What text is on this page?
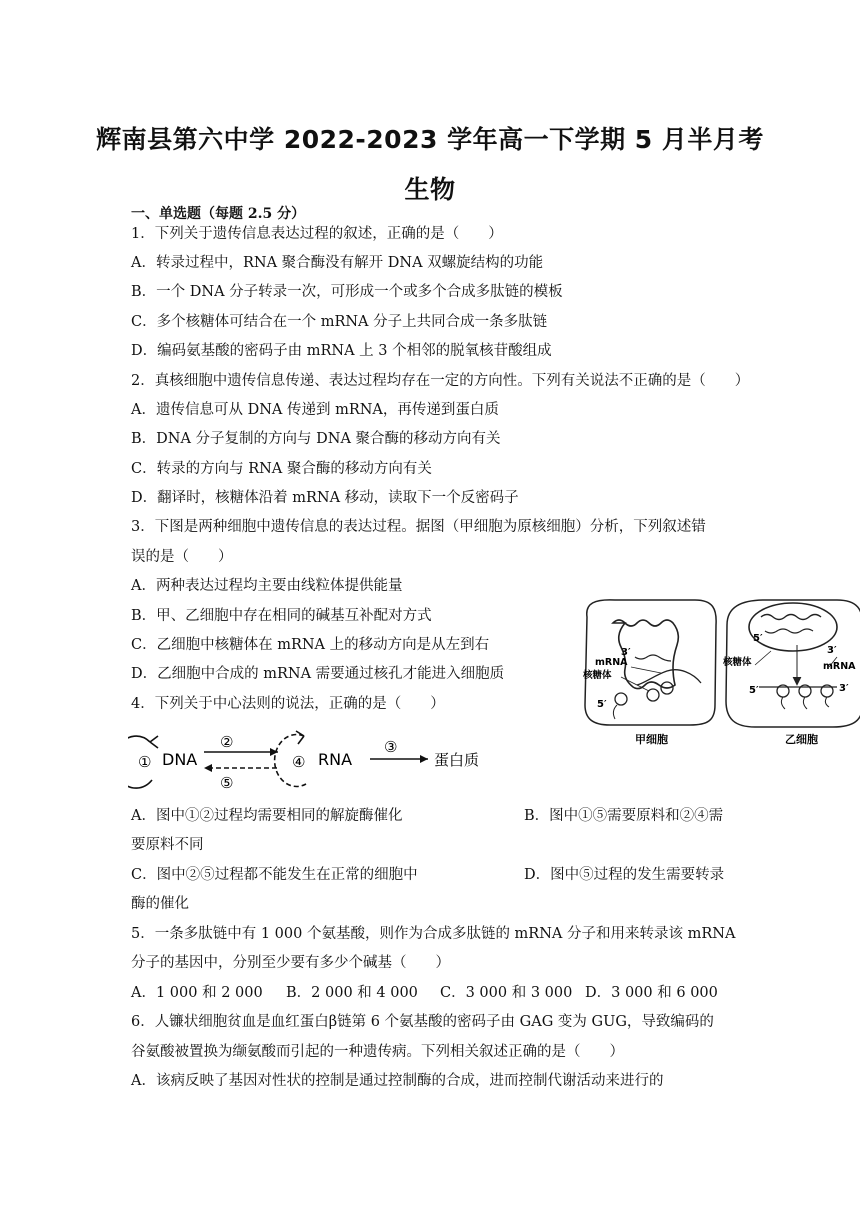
辉南县第六中学 2022-2023 学年高一下学期 5 月半月考
生物
一、单选题（每题 2.5 分）
1．下列关于遗传信息表达过程的叙述，正确的是（　　）
A．转录过程中，RNA 聚合酶没有解开 DNA 双螺旋结构的功能
B．一个 DNA 分子转录一次，可形成一个或多个合成多肽链的模板
C．多个核糖体可结合在一个 mRNA 分子上共同合成一条多肽链
D．编码氨基酸的密码子由 mRNA 上 3 个相邻的脱氧核苷酸组成
2．真核细胞中遗传信息传递、表达过程均存在一定的方向性。下列有关说法不正确的是（　　）
A．遗传信息可从 DNA 传递到 mRNA，再传递到蛋白质
B．DNA 分子复制的方向与 DNA 聚合酶的移动方向有关
C．转录的方向与 RNA 聚合酶的移动方向有关
D．翻译时，核糖体沿着 mRNA 移动，读取下一个反密码子
3．下图是两种细胞中遗传信息的表达过程。据图（甲细胞为原核细胞）分析，下列叙述错
误的是（　　）
A．两种表达过程均主要由线粒体提供能量
B．甲、乙细胞中存在相同的碱基互补配对方式
C．乙细胞中核糖体在 mRNA 上的移动方向是从左到右
D．乙细胞中合成的 mRNA 需要通过核孔才能进入细胞质
3′
mRNA
核糖体
5′
甲细胞
5′
3′
核糖体	mRNA
5′	3′
乙细胞
4．下列关于中心法则的说法，正确的是（　　）
① DNA
②
⑤
④ RNA
③
蛋白质
A．图中①②过程均需要相同的解旋酶催化	B．图中①⑤需要原料和②④需
要原料不同
C．图中②⑤过程都不能发生在正常的细胞中	D．图中⑤过程的发生需要转录
酶的催化
5．一条多肽链中有 1 000 个氨基酸，则作为合成多肽链的 mRNA 分子和用来转录该 mRNA
分子的基因中，分别至少要有多少个碱基（　　）
A．1 000 和 2 000 B．2 000 和 4 000 C．3 000 和 3 000 D．3 000 和 6 000
6．人镰状细胞贫血是血红蛋白β链第 6 个氨基酸的密码子由 GAG 变为 GUG，导致编码的
谷氨酸被置换为缬氨酸而引起的一种遗传病。下列相关叙述正确的是（　　）
A．该病反映了基因对性状的控制是通过控制酶的合成，进而控制代谢活动来进行的
